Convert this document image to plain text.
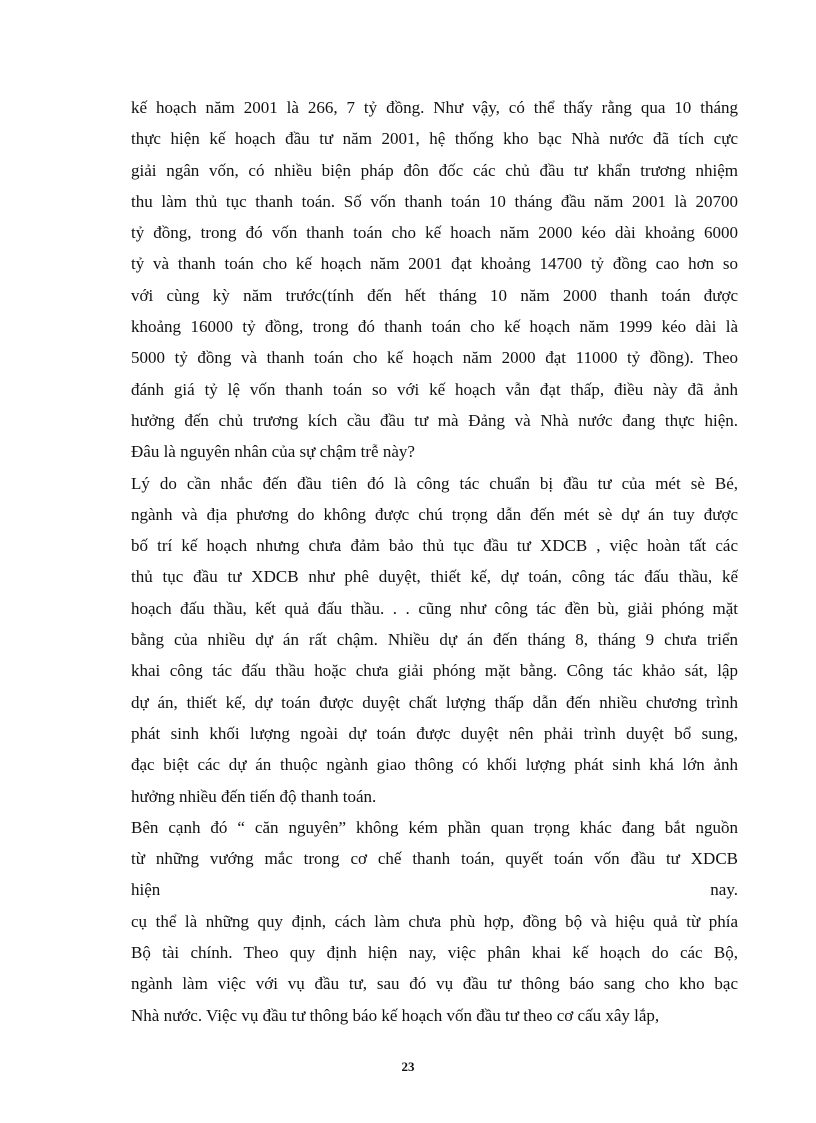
kế hoạch năm 2001 là 266, 7 tỷ đồng. Như vậy, có thể thấy rằng qua 10 tháng
thực hiện kế hoạch đầu tư năm 2001, hệ thống kho bạc Nhà nước đã tích cực
giải ngân vốn, có nhiều biện pháp đôn đốc các chủ đầu tư khẩn trương nhiệm
thu làm thủ tục thanh toán. Số vốn thanh toán 10 tháng đầu năm 2001 là 20700
tỷ đồng, trong đó vốn thanh toán cho kế hoach năm 2000 kéo dài khoảng 6000
tỷ và thanh toán cho kế hoạch năm 2001 đạt khoảng 14700 tỷ đồng cao hơn so
với cùng kỳ năm trước(tính đến hết tháng 10 năm 2000 thanh toán được
khoảng 16000 tỷ đồng, trong đó thanh toán cho kế hoạch năm 1999 kéo dài là
5000 tỷ đồng và thanh toán cho kế hoạch năm 2000 đạt 11000 tỷ đồng). Theo
đánh giá tỷ lệ vốn thanh toán so với kế hoạch vẫn đạt thấp, điều này đã ảnh
hưởng đến chủ trương kích cầu đầu tư mà Đảng và Nhà nước đang thực hiện.
Đâu là nguyên nhân của sự chậm trễ này?
Lý do cần nhắc đến đầu tiên đó là công tác chuẩn bị đầu tư của mét sè Bé,
ngành và địa phương do không được chú trọng dẫn đến mét sè dự án tuy được
bố trí kế hoạch nhưng chưa đảm bảo thủ tục đầu tư XDCB , việc hoàn tất các
thủ tục đầu tư XDCB như phê duyệt, thiết kế, dự toán, công tác đấu thầu, kế
hoạch đấu thầu, kết quả đấu thầu. . . cũng như công tác đền bù, giải phóng mặt
bằng của nhiều dự án rất chậm. Nhiều dự án đến tháng 8, tháng 9 chưa triển
khai công tác đấu thầu hoặc chưa giải phóng mặt bằng. Công tác khảo sát, lập
dự án, thiết kế, dự toán được duyệt chất lượng thấp dẫn đến nhiều chương trình
phát sinh khối lượng ngoài dự toán được duyệt nên phải trình duyệt bổ sung,
đạc biệt các dự án thuộc ngành giao thông có khối lượng phát sinh khá lớn ảnh
hưởng nhiều đến tiến độ thanh toán.
Bên cạnh đó “ căn nguyên” không kém phần quan trọng khác đang bắt nguồn
từ những vướng mắc trong cơ chế thanh toán, quyết toán vốn đầu tư XDCB
hiện nay.
cụ thể là những quy định, cách làm chưa phù hợp, đồng bộ và hiệu quả từ phía
Bộ tài chính. Theo quy định hiện nay, việc phân khai kế hoạch do các Bộ,
ngành làm việc với vụ đầu tư, sau đó vụ đầu tư thông báo sang cho kho bạc
Nhà nước. Việc vụ đầu tư thông báo kế hoạch vốn đầu tư theo cơ cấu xây lắp,
23
